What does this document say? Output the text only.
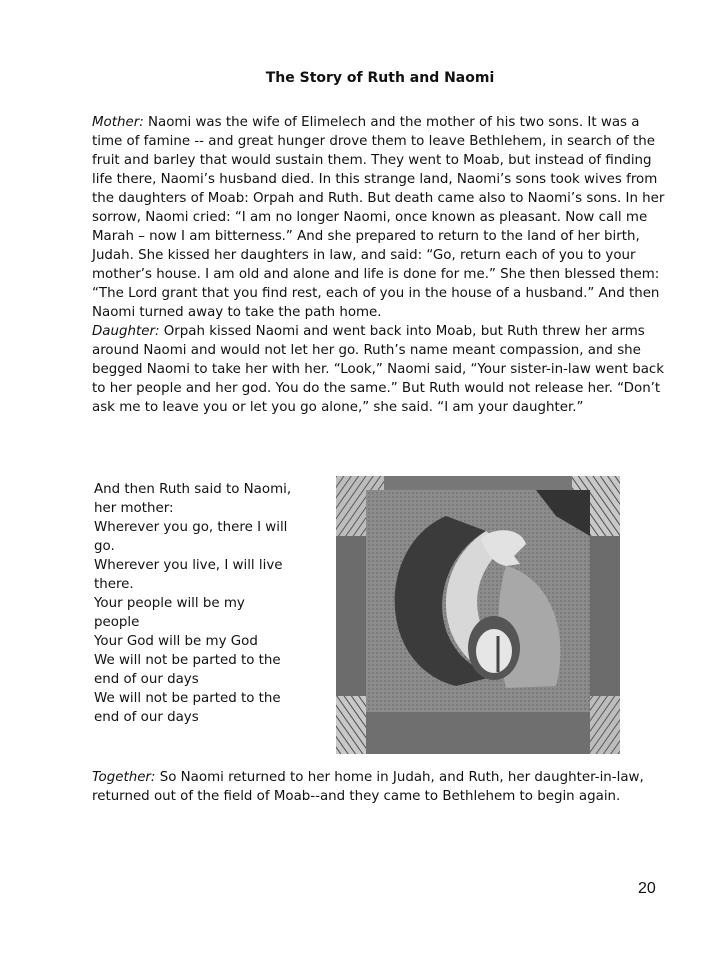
The Story of Ruth and Naomi

Mother: Naomi was the wife of Elimelech and the mother of his two sons. It was a time of famine -- and great hunger drove them to leave Bethlehem, in search of the fruit and barley that would sustain them. They went to Moab, but instead of finding life there, Naomi’s husband died. In this strange land, Naomi’s sons took wives from the daughters of Moab: Orpah and Ruth. But death came also to Naomi’s sons. In her sorrow, Naomi cried: “I am no longer Naomi, once known as pleasant. Now call me Marah – now I am bitterness.” And she prepared to return to the land of her birth, Judah. She kissed her daughters in law, and said: “Go, return each of you to your mother’s house. I am old and alone and life is done for me.” She then blessed them: “The Lord grant that you find rest, each of you in the house of a husband.” And then Naomi turned away to take the path home.
Daughter: Orpah kissed Naomi and went back into Moab, but Ruth threw her arms around Naomi and would not let her go. Ruth’s name meant compassion, and she begged Naomi to take her with her. “Look,” Naomi said, “Your sister-in-law went back to her people and her god. You do the same.” But Ruth would not release her. “Don’t ask me to leave you or let you go alone,” she said. “I am your daughter.”

And then Ruth said to Naomi, her mother:
Wherever you go, there I will go.
Wherever you live, I will live there.
Your people will be my people
Your God will be my God
We will not be parted to the end of our days
We will not be parted to the end of our days

Together: So Naomi returned to her home in Judah, and Ruth, her daughter-in-law, returned out of the field of Moab--and they came to Bethlehem to begin again.

20
